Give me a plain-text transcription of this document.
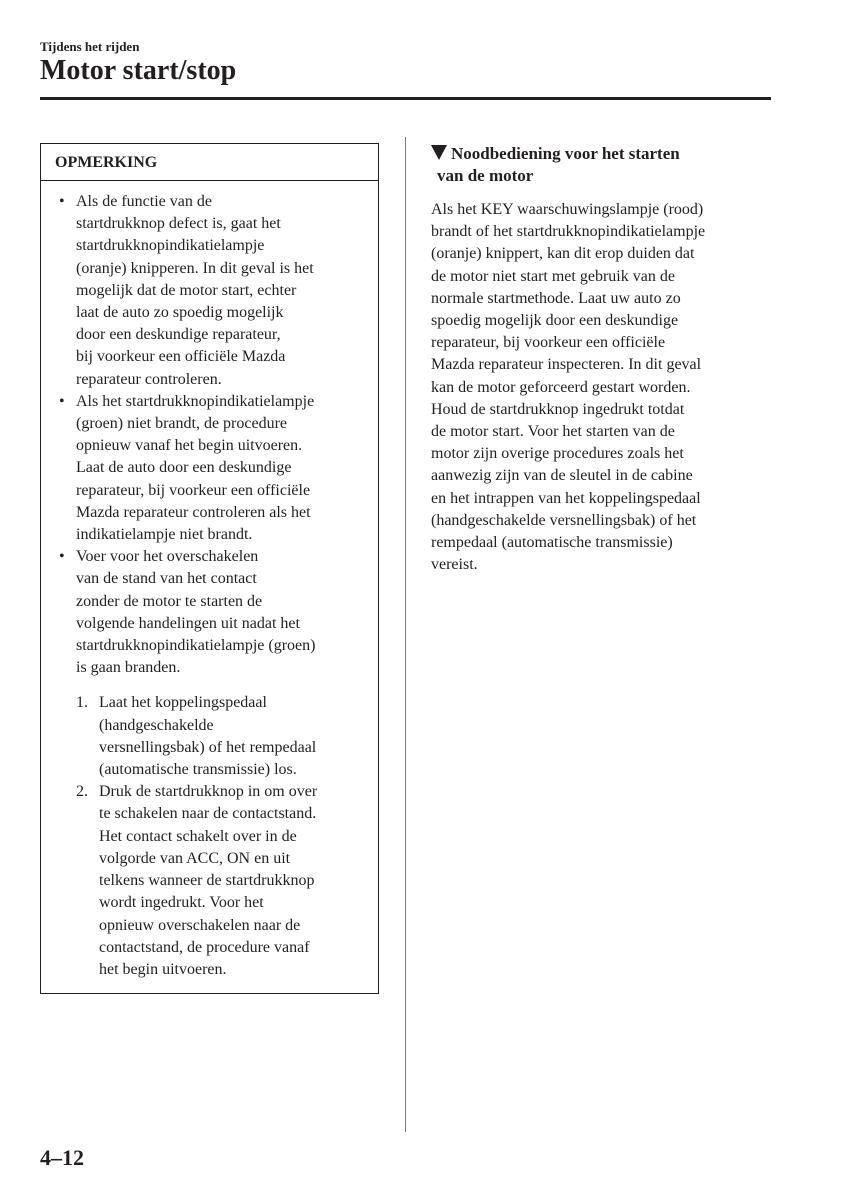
Tijdens het rijden
Motor start/stop
OPMERKING
• Als de functie van de
startdrukknop defect is, gaat het
startdrukknopindikatielampje
(oranje) knipperen. In dit geval is het
mogelijk dat de motor start, echter
laat de auto zo spoedig mogelijk
door een deskundige reparateur,
bij voorkeur een officiële Mazda
reparateur controleren.
• Als het startdrukknopindikatielampje
(groen) niet brandt, de procedure
opnieuw vanaf het begin uitvoeren.
Laat de auto door een deskundige
reparateur, bij voorkeur een officiële
Mazda reparateur controleren als het
indikatielampje niet brandt.
• Voer voor het overschakelen
van de stand van het contact
zonder de motor te starten de
volgende handelingen uit nadat het
startdrukknopindikatielampje (groen)
is gaan branden.
1. Laat het koppelingspedaal
(handgeschakelde
versnellingsbak) of het rempedaal
(automatische transmissie) los.
2. Druk de startdrukknop in om over
te schakelen naar de contactstand.
Het contact schakelt over in de
volgorde van ACC, ON en uit
telkens wanneer de startdrukknop
wordt ingedrukt. Voor het
opnieuw overschakelen naar de
contactstand, de procedure vanaf
het begin uitvoeren.
Noodbediening voor het starten
van de motor

Als het KEY waarschuwingslampje (rood)
brandt of het startdrukknopindikatielampje
(oranje) knippert, kan dit erop duiden dat
de motor niet start met gebruik van de
normale startmethode. Laat uw auto zo
spoedig mogelijk door een deskundige
reparateur, bij voorkeur een officiële
Mazda reparateur inspecteren. In dit geval
kan de motor geforceerd gestart worden.
Houd de startdrukknop ingedrukt totdat
de motor start. Voor het starten van de
motor zijn overige procedures zoals het
aanwezig zijn van de sleutel in de cabine
en het intrappen van het koppelingspedaal
(handgeschakelde versnellingsbak) of het
rempedaal (automatische transmissie)
vereist.

4–12
